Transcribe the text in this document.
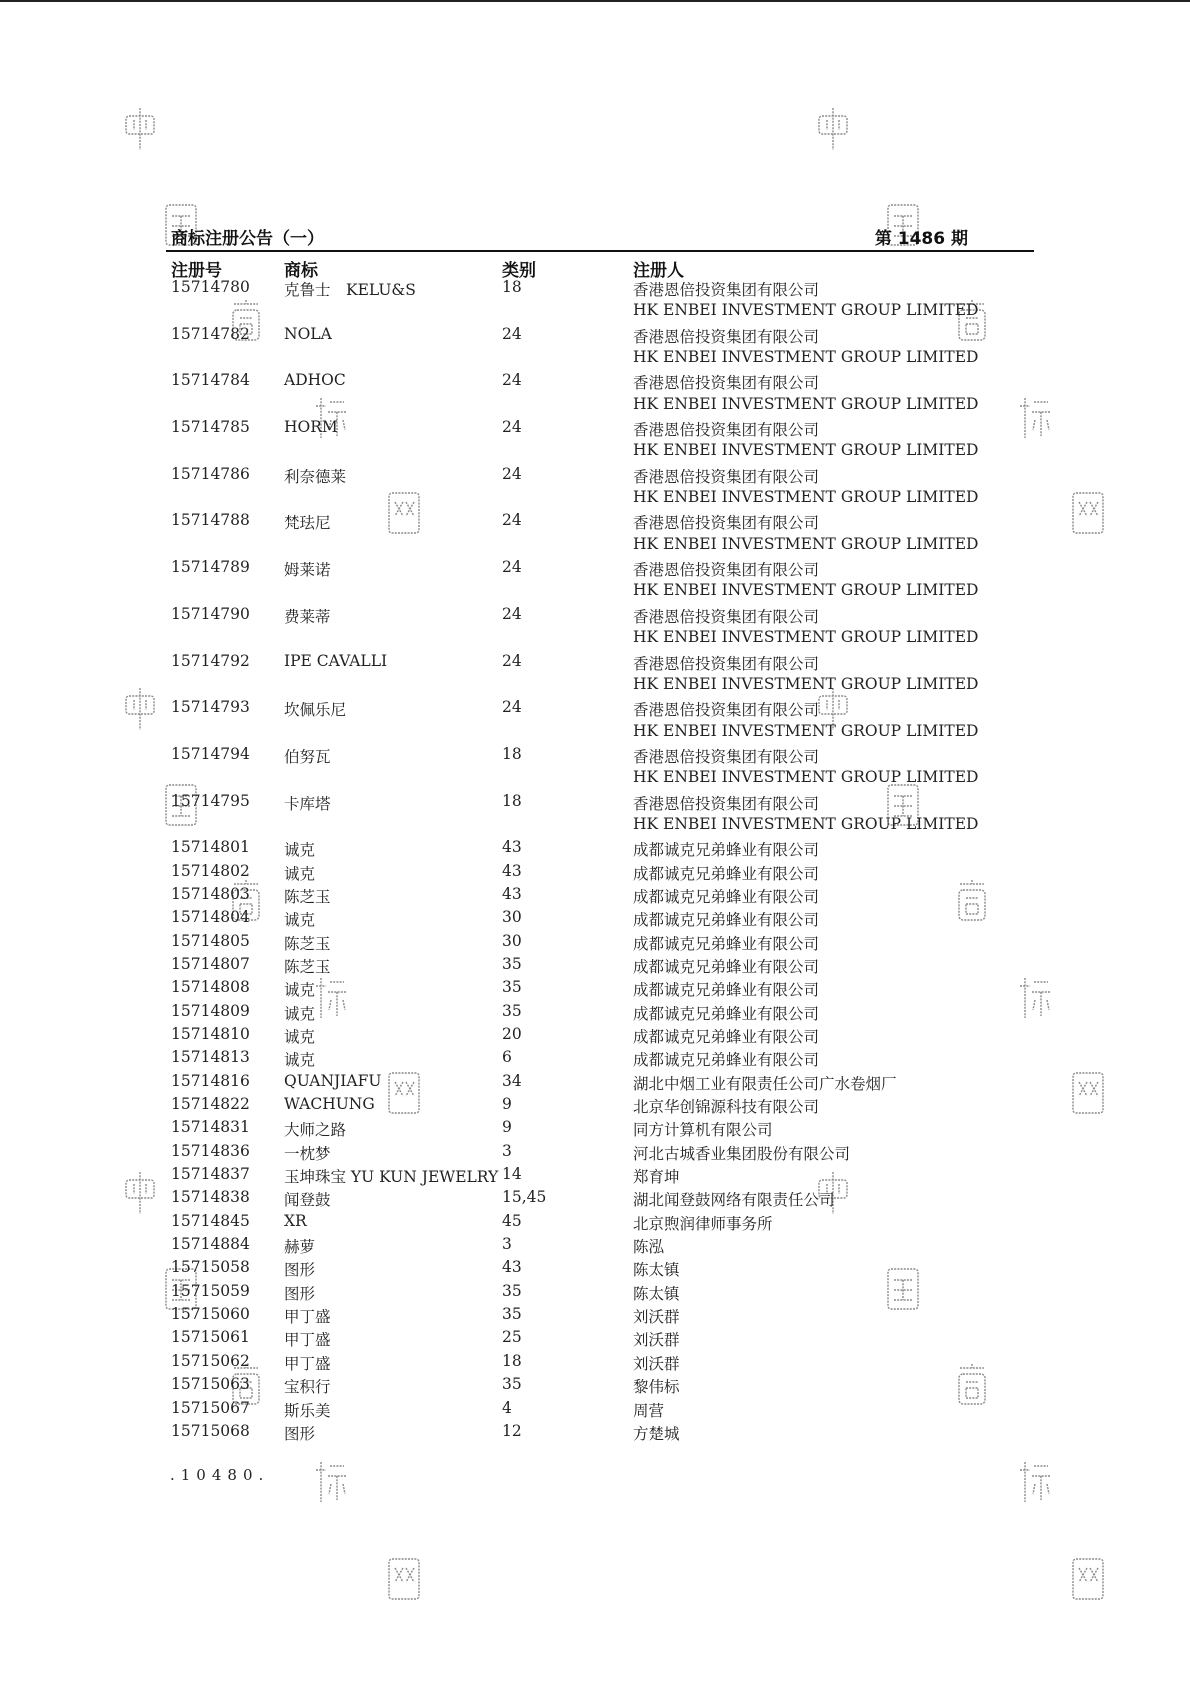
商标注册公告（一）	第 1486 期
注册号	商标	类别	注册人
15714780 克鲁士　KELU&S	18	香港恩倍投资集团有限公司
HK ENBEI INVESTMENT GROUP LIMITED
15714782 NOLA	24	香港恩倍投资集团有限公司
HK ENBEI INVESTMENT GROUP LIMITED
15714784 ADHOC	24	香港恩倍投资集团有限公司
HK ENBEI INVESTMENT GROUP LIMITED
15714785 HORM	24	香港恩倍投资集团有限公司
HK ENBEI INVESTMENT GROUP LIMITED
15714786 利奈德莱	24	香港恩倍投资集团有限公司
HK ENBEI INVESTMENT GROUP LIMITED
15714788 梵珐尼	24	香港恩倍投资集团有限公司
HK ENBEI INVESTMENT GROUP LIMITED
15714789 姆莱诺	24	香港恩倍投资集团有限公司
HK ENBEI INVESTMENT GROUP LIMITED
15714790 费莱蒂	24	香港恩倍投资集团有限公司
HK ENBEI INVESTMENT GROUP LIMITED
15714792 IPE CAVALLI	24	香港恩倍投资集团有限公司
HK ENBEI INVESTMENT GROUP LIMITED
15714793 坎佩乐尼	24	香港恩倍投资集团有限公司
HK ENBEI INVESTMENT GROUP LIMITED
15714794 伯努瓦	18	香港恩倍投资集团有限公司
HK ENBEI INVESTMENT GROUP LIMITED
15714795 卡库塔	18	香港恩倍投资集团有限公司
HK ENBEI INVESTMENT GROUP LIMITED
15714801 诚克	43	成都诚克兄弟蜂业有限公司
15714802 诚克	43	成都诚克兄弟蜂业有限公司
15714803 陈芝玉	43	成都诚克兄弟蜂业有限公司
15714804 诚克	30	成都诚克兄弟蜂业有限公司
15714805 陈芝玉	30	成都诚克兄弟蜂业有限公司
15714807 陈芝玉	35	成都诚克兄弟蜂业有限公司
15714808 诚克	35	成都诚克兄弟蜂业有限公司
15714809 诚克	35	成都诚克兄弟蜂业有限公司
15714810 诚克	20	成都诚克兄弟蜂业有限公司
15714813 诚克	6	成都诚克兄弟蜂业有限公司
15714816 QUANJIAFU	34	湖北中烟工业有限责任公司广水卷烟厂
15714822 WACHUNG	9	北京华创锦源科技有限公司
15714831 大师之路	9	同方计算机有限公司
15714836 一枕梦	3	河北古城香业集团股份有限公司
15714837 玉坤珠宝 YU KUN JEWELRY 14	郑育坤
15714838 闻登鼓	15,45	湖北闻登鼓网络有限责任公司
15714845 XR	45	北京煦润律师事务所
15714884 赫萝	3	陈泓
15715058 图形	43	陈太镇
15715059 图形	35	陈太镇
15715060 甲丁盛	35	刘沃群
15715061 甲丁盛	25	刘沃群
15715062 甲丁盛	18	刘沃群
15715063 宝积行	35	黎伟标
15715067 斯乐美	4	周营
15715068 图形	12	方楚城
.10480.
